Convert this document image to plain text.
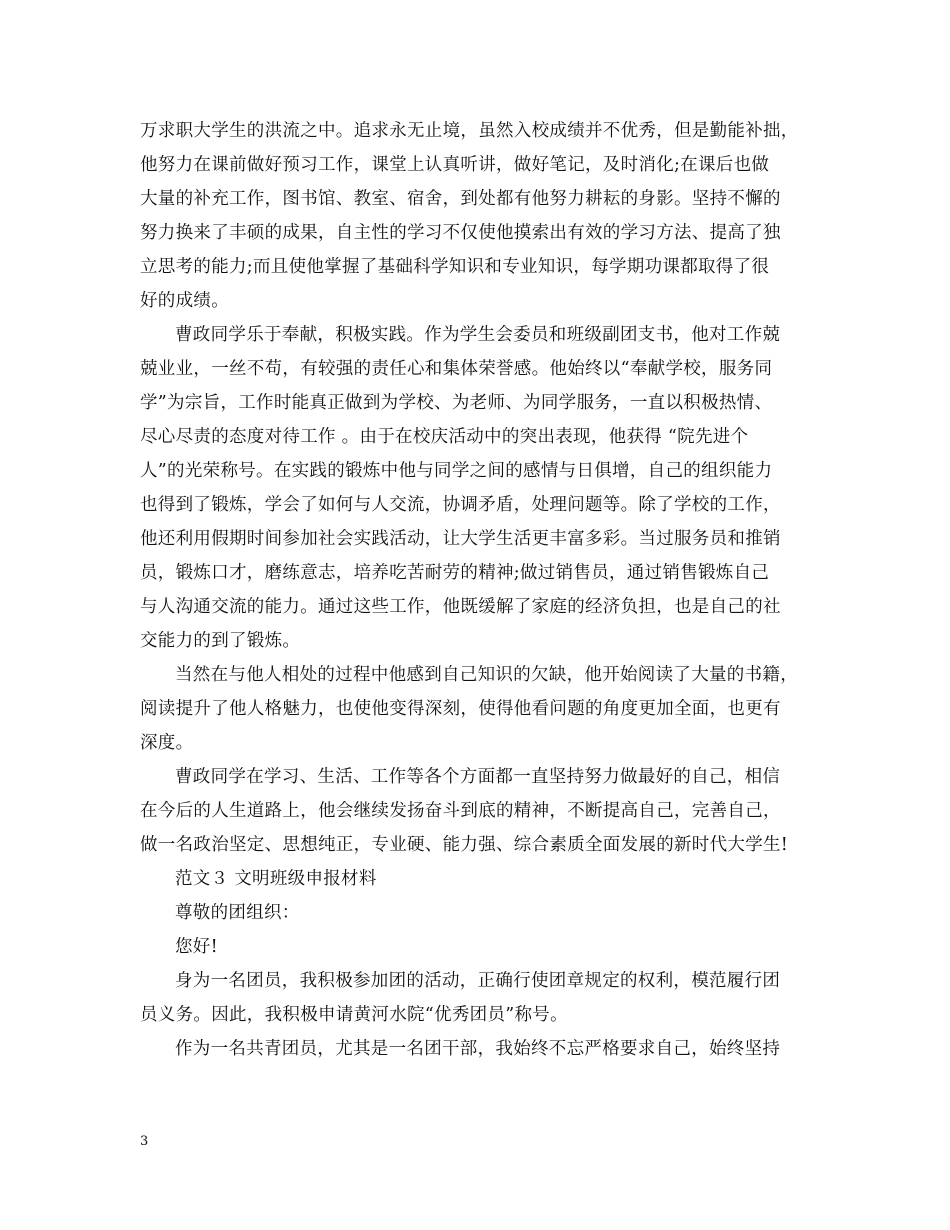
万求职大学生的洪流之中。追求永无止境，虽然入校成绩并不优秀，但是勤能补拙，
他努力在课前做好预习工作，课堂上认真听讲，做好笔记，及时消化;在课后也做
大量的补充工作，图书馆、教室、宿舍，到处都有他努力耕耘的身影。坚持不懈的
努力换来了丰硕的成果，自主性的学习不仅使他摸索出有效的学习方法、提高了独
立思考的能力;而且使他掌握了基础科学知识和专业知识，每学期功课都取得了很
好的成绩。
曹政同学乐于奉献，积极实践。作为学生会委员和班级副团支书，他对工作兢
兢业业，一丝不苟，有较强的责任心和集体荣誉感。他始终以“奉献学校，服务同
学”为宗旨，工作时能真正做到为学校、为老师、为同学服务，一直以积极热情、
尽心尽责的态度对待工作 。由于在校庆活动中的突出表现，他获得 “院先进个
人”的光荣称号。在实践的锻炼中他与同学之间的感情与日俱增，自己的组织能力
也得到了锻炼，学会了如何与人交流，协调矛盾，处理问题等。除了学校的工作，
他还利用假期时间参加社会实践活动，让大学生活更丰富多彩。当过服务员和推销
员，锻炼口才，磨练意志，培养吃苦耐劳的精神;做过销售员，通过销售锻炼自己
与人沟通交流的能力。通过这些工作，他既缓解了家庭的经济负担，也是自己的社
交能力的到了锻炼。
当然在与他人相处的过程中他感到自己知识的欠缺，他开始阅读了大量的书籍，
阅读提升了他人格魅力，也使他变得深刻，使得他看问题的角度更加全面，也更有
深度。
曹政同学在学习、生活、工作等各个方面都一直坚持努力做最好的自己，相信
在今后的人生道路上，他会继续发扬奋斗到底的精神，不断提高自己，完善自己，
做一名政治坚定、思想纯正，专业硬、能力强、综合素质全面发展的新时代大学生!
范文３ 文明班级申报材料
尊敬的团组织：
您好!
身为一名团员，我积极参加团的活动，正确行使团章规定的权利，模范履行团
员义务。因此，我积极申请黄河水院“优秀团员”称号。
作为一名共青团员，尤其是一名团干部，我始终不忘严格要求自己，始终坚持
3
